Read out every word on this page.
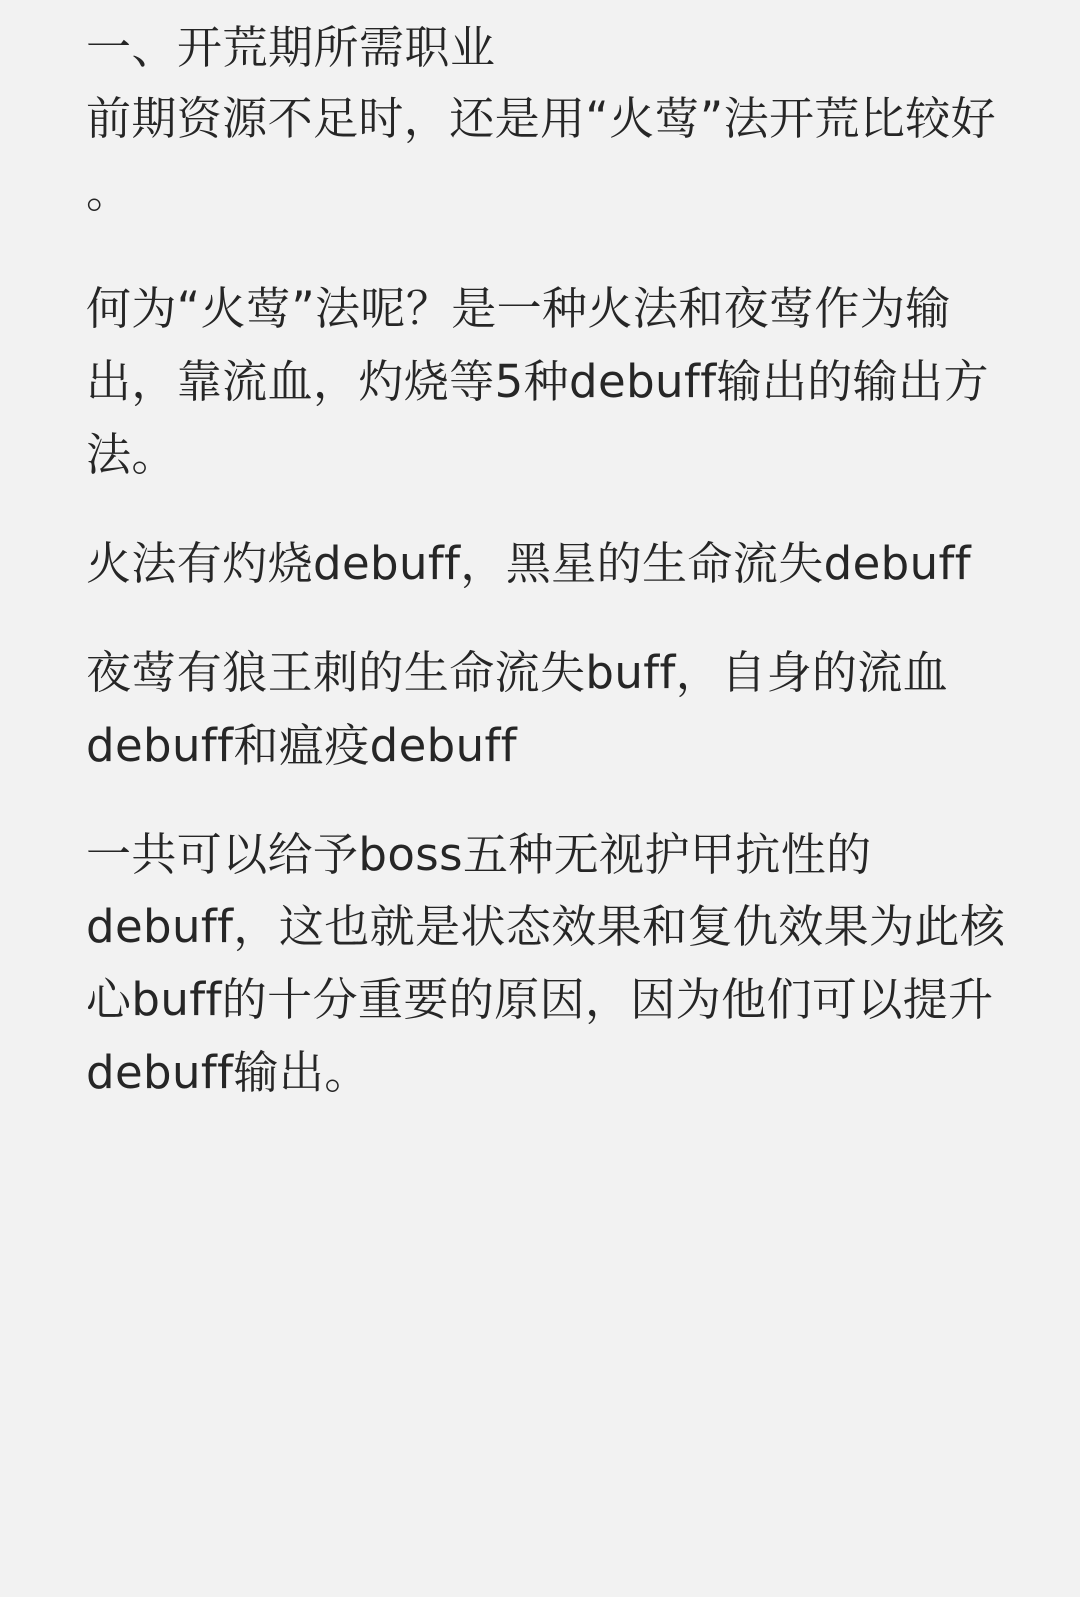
一、开荒期所需职业

前期资源不足时，还是用“火莺”法开荒比较好 。

何为“火莺”法呢？是一种火法和夜莺作为输出，靠流血，灼烧等5种debuff输出的输出方法。

火法有灼烧debuff，黑星的生命流失debuff

夜莺有狼王刺的生命流失buff，自身的流血debuff和瘟疫debuff

一共可以给予boss五种无视护甲抗性的debuff，这也就是状态效果和复仇效果为此核心buff的十分重要的原因，因为他们可以提升debuff输出。
